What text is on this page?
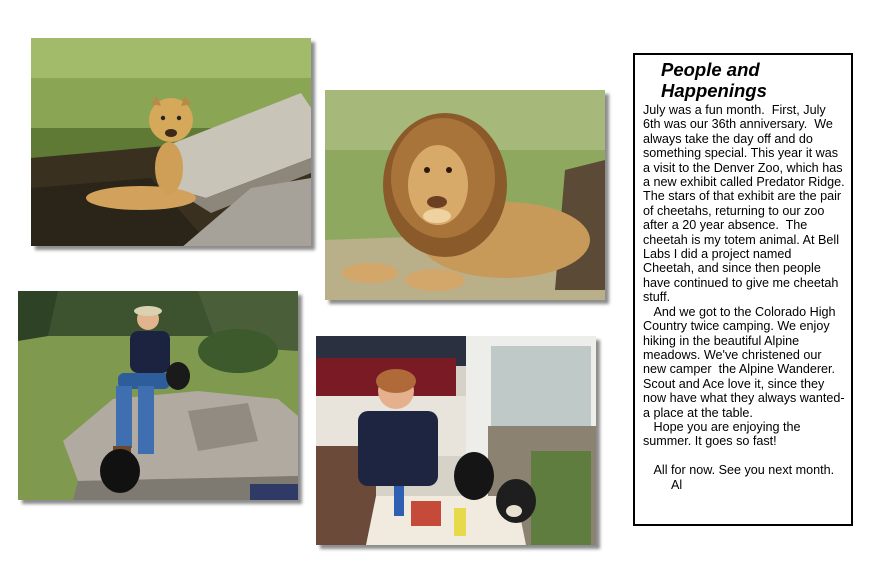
People and
Happenings

July was a fun month.  First, July 6th was our 36th anniversary.  We always take the day off and do something special. This year it was a visit to the Denver Zoo, which has a new exhibit called Predator Ridge. The stars of that exhibit are the pair of cheetahs, returning to our zoo after a 20 year absence.  The cheetah is my totem animal. At Bell Labs I did a project named Cheetah, and since then people have continued to give me cheetah stuff.
And we got to the Colorado High Country twice camping. We enjoy hiking in the beautiful Alpine meadows. We've christened our new camper  the Alpine Wanderer. Scout and Ace love it, since they now have what they always wanted-a place at the table.
Hope you are enjoying the summer. It goes so fast!

All for now. See you next month.
Al
